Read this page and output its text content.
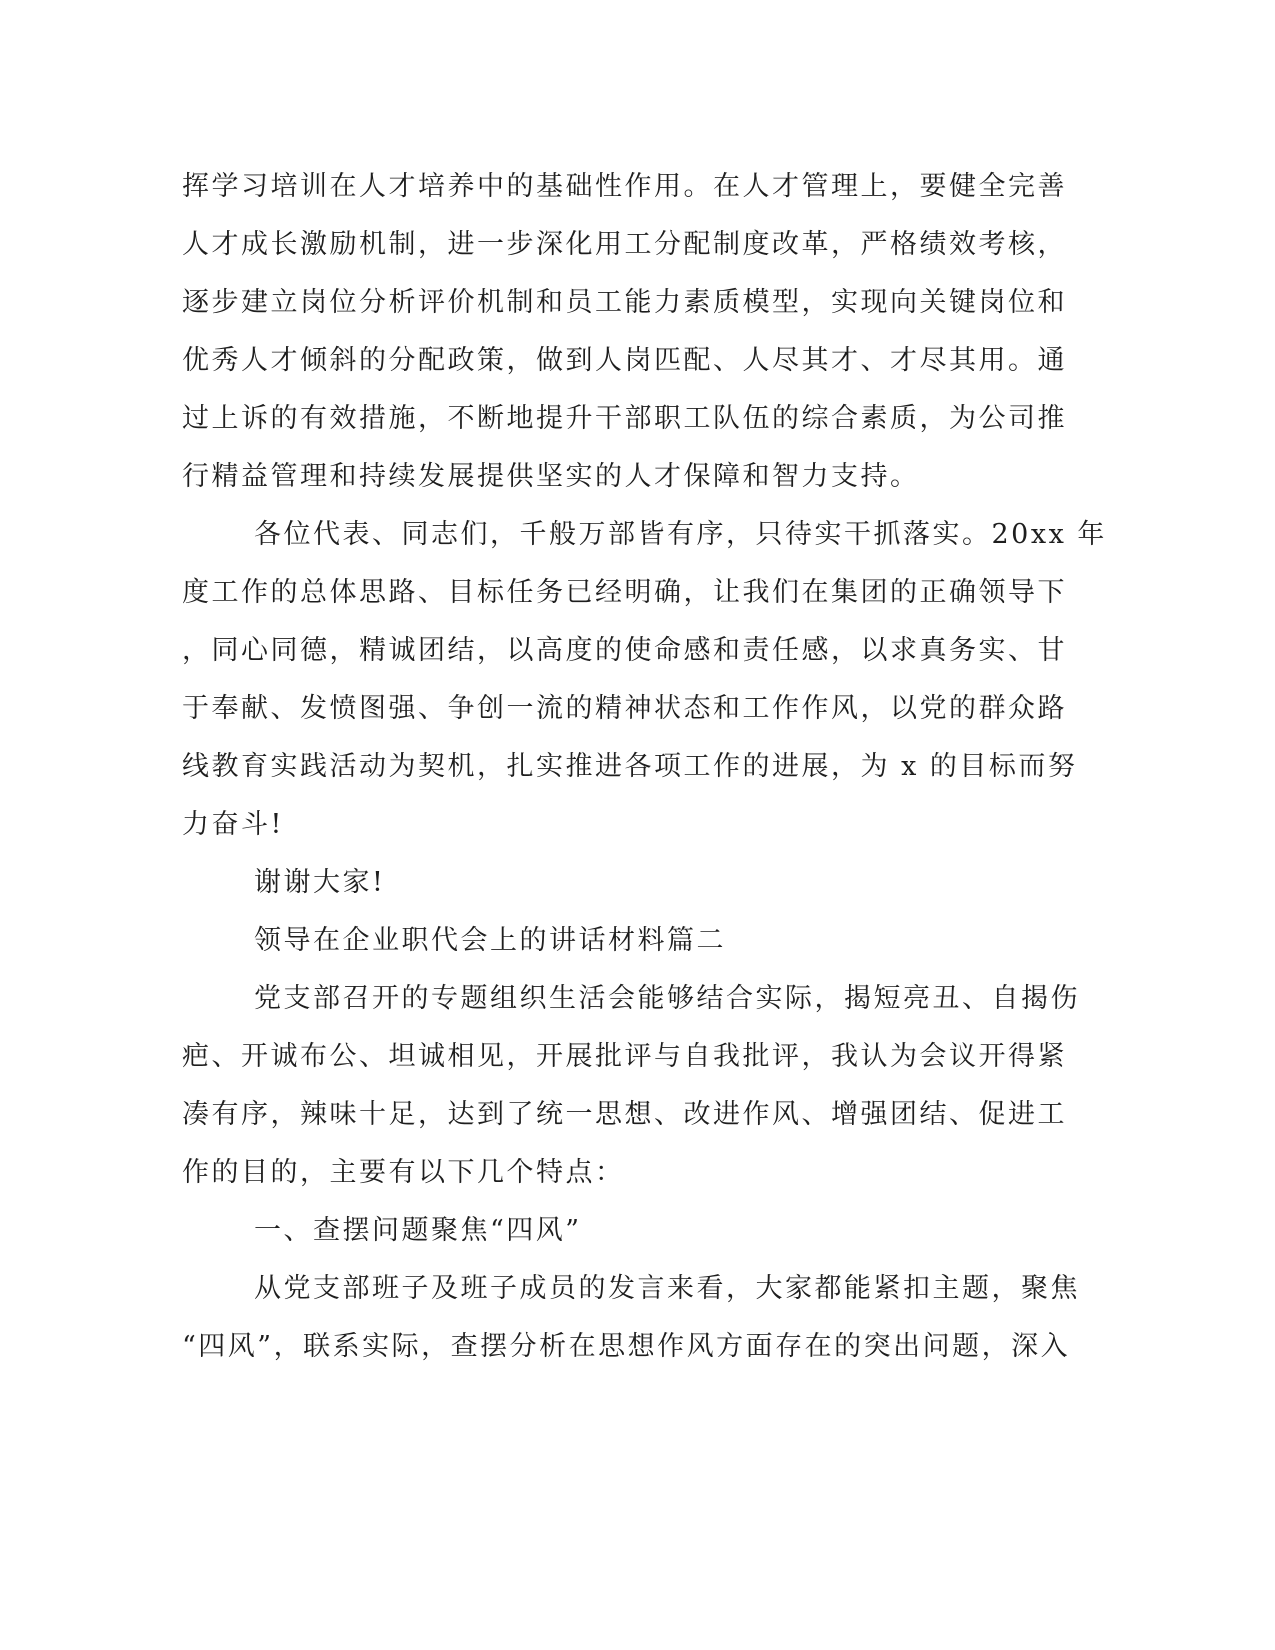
挥学习培训在人才培养中的基础性作用。在人才管理上，要健全完善
人才成长激励机制，进一步深化用工分配制度改革，严格绩效考核，
逐步建立岗位分析评价机制和员工能力素质模型，实现向关键岗位和
优秀人才倾斜的分配政策，做到人岗匹配、人尽其才、才尽其用。通
过上诉的有效措施，不断地提升干部职工队伍的综合素质，为公司推
行精益管理和持续发展提供坚实的人才保障和智力支持。
各位代表、同志们，千般万部皆有序，只待实干抓落实。20xx 年
度工作的总体思路、目标任务已经明确，让我们在集团的正确领导下
，同心同德，精诚团结，以高度的使命感和责任感，以求真务实、甘
于奉献、发愤图强、争创一流的精神状态和工作作风，以党的群众路
线教育实践活动为契机，扎实推进各项工作的进展，为 x 的目标而努
力奋斗!
谢谢大家!
领导在企业职代会上的讲话材料篇二
党支部召开的专题组织生活会能够结合实际，揭短亮丑、自揭伤
疤、开诚布公、坦诚相见，开展批评与自我批评，我认为会议开得紧
凑有序，辣味十足，达到了统一思想、改进作风、增强团结、促进工
作的目的，主要有以下几个特点：
一、查摆问题聚焦“四风”
从党支部班子及班子成员的发言来看，大家都能紧扣主题，聚焦
“四风”，联系实际，查摆分析在思想作风方面存在的突出问题，深入
